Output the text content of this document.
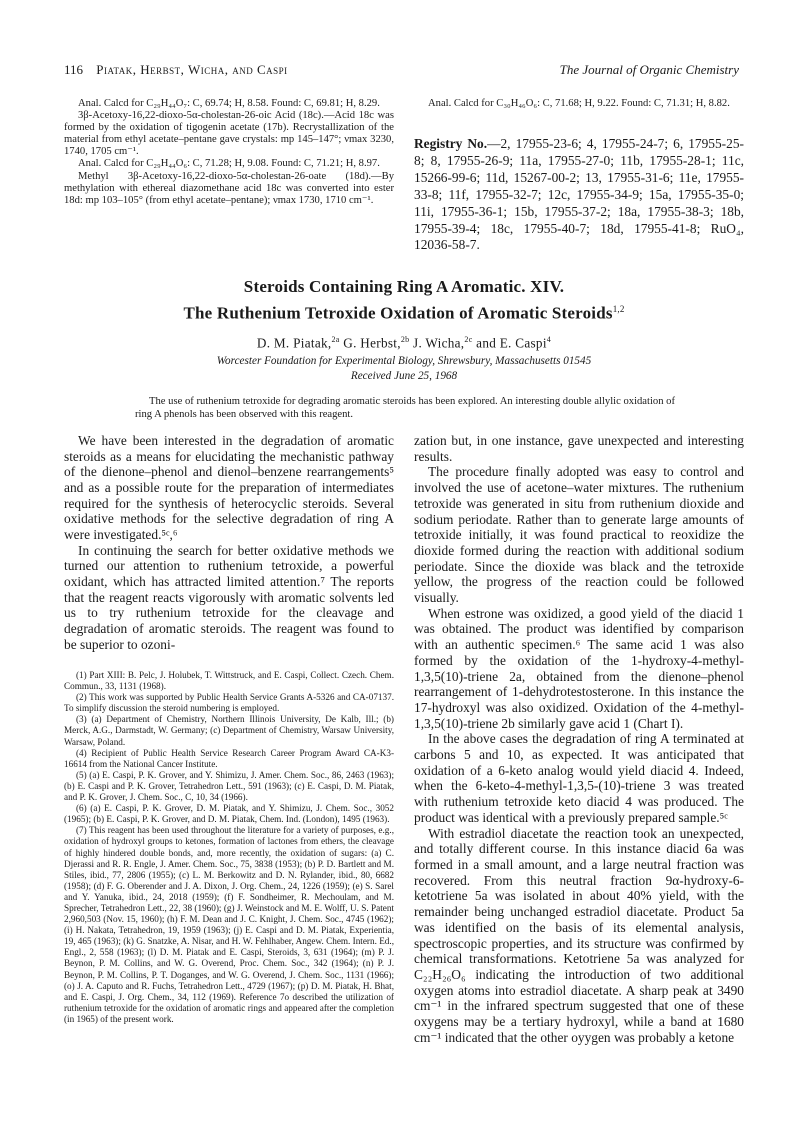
116 Piatak, Herbst, Wicha, and Caspi	The Journal of Organic Chemistry

Anal. Calcd for C₂₉H₄₄O₇: C, 69.74; H, 8.58. Found: C, 69.81; H, 8.29.

3β-Acetoxy-16,22-dioxo-5α-cholestan-26-oic Acid (18c).—Acid 18c was formed by the oxidation of tigogenin acetate (17b). Recrystallization of the material from ethyl acetate–pentane gave crystals: mp 145–147°; νmax 3230, 1740, 1705 cm⁻¹.

Anal. Calcd for C₂₉H₄₄O₆: C, 71.28; H, 9.08. Found: C, 71.21; H, 8.97.

Methyl 3β-Acetoxy-16,22-dioxo-5α-cholestan-26-oate (18d).—By methylation with ethereal diazomethane acid 18c was converted into ester 18d: mp 103–105° (from ethyl acetate–pentane); νmax 1730, 1710 cm⁻¹.

Anal. Calcd for C₃₀H₄₆O₆: C, 71.68; H, 9.22. Found: C, 71.31; H, 8.82.

Registry No.—2, 17955-23-6; 4, 17955-24-7; 6, 17955-25-8; 8, 17955-26-9; 11a, 17955-27-0; 11b, 17955-28-1; 11c, 15266-99-6; 11d, 15267-00-2; 13, 17955-31-6; 11e, 17955-33-8; 11f, 17955-32-7; 12c, 17955-34-9; 15a, 17955-35-0; 11i, 17955-36-1; 15b, 17955-37-2; 18a, 17955-38-3; 18b, 17955-39-4; 18c, 17955-40-7; 18d, 17955-41-8; RuO₄, 12036-58-7.
Steroids Containing Ring A Aromatic. XIV.
The Ruthenium Tetroxide Oxidation of Aromatic Steroids$^{1,2}$
D. M. Piatak,$^{2a}$ G. Herbst,$^{2b}$ J. Wicha,$^{2c}$ and E. Caspi$^4$
Worcester Foundation for Experimental Biology, Shrewsbury, Massachusetts 01545
Received June 25, 1968
The use of ruthenium tetroxide for degrading aromatic steroids has been explored. An interesting double allylic oxidation of ring A phenols has been observed with this reagent.

We have been interested in the degradation of aromatic steroids as a means for elucidating the mechanistic pathway of the dienone–phenol and dienol–benzene rearrangements⁵ and as a possible route for the preparation of intermediates required for the synthesis of heterocyclic steroids. Several oxidative methods for the selective degradation of ring A were investigated.⁵ᶜ,⁶

In continuing the search for better oxidative methods we turned our attention to ruthenium tetroxide, a powerful oxidant, which has attracted limited attention.⁷ The reports that the reagent reacts vigorously with aromatic solvents led us to try ruthenium tetroxide for the cleavage and degradation of aromatic steroids. The reagent was found to be superior to ozoni-

(1) Part XIII: B. Pelc, J. Holubek, T. Wittstruck, and E. Caspi, Collect. Czech. Chem. Commun., 33, 1131 (1968).

(2) This work was supported by Public Health Service Grants A-5326 and CA-07137. To simplify discussion the steroid numbering is employed.

(3) (a) Department of Chemistry, Northern Illinois University, De Kalb, Ill.; (b) Merck, A.G., Darmstadt, W. Germany; (c) Department of Chemistry, Warsaw University, Warsaw, Poland.

(4) Recipient of Public Health Service Research Career Program Award CA-K3-16614 from the National Cancer Institute.

(5) (a) E. Caspi, P. K. Grover, and Y. Shimizu, J. Amer. Chem. Soc., 86, 2463 (1963); (b) E. Caspi and P. K. Grover, Tetrahedron Lett., 591 (1963); (c) E. Caspi, D. M. Piatak, and P. K. Grover, J. Chem. Soc., C, 10, 34 (1966).

(6) (a) E. Caspi, P. K. Grover, D. M. Piatak, and Y. Shimizu, J. Chem. Soc., 3052 (1965); (b) E. Caspi, P. K. Grover, and D. M. Piatak, Chem. Ind. (London), 1495 (1963).

(7) This reagent has been used throughout the literature for a variety of purposes, e.g., oxidation of hydroxyl groups to ketones, formation of lactones from ethers, the cleavage of highly hindered double bonds, and, more recently, the oxidation of sugars: (a) C. Djerassi and R. R. Engle, J. Amer. Chem. Soc., 75, 3838 (1953); (b) P. D. Bartlett and M. Stiles, ibid., 77, 2806 (1955); (c) L. M. Berkowitz and D. N. Rylander, ibid., 80, 6682 (1958); (d) F. G. Oberender and J. A. Dixon, J. Org. Chem., 24, 1226 (1959); (e) S. Sarel and Y. Yanuka, ibid., 24, 2018 (1959); (f) F. Sondheimer, R. Mechoulam, and M. Sprecher, Tetrahedron Lett., 22, 38 (1960); (g) J. Weinstock and M. E. Wolff, U. S. Patent 2,960,503 (Nov. 15, 1960); (h) F. M. Dean and J. C. Knight, J. Chem. Soc., 4745 (1962); (i) H. Nakata, Tetrahedron, 19, 1959 (1963); (j) E. Caspi and D. M. Piatak, Experientia, 19, 465 (1963); (k) G. Snatzke, A. Nisar, and H. W. Fehlhaber, Angew. Chem. Intern. Ed., Engl., 2, 558 (1963); (l) D. M. Piatak and E. Caspi, Steroids, 3, 631 (1964); (m) P. J. Beynon, P. M. Collins, and W. G. Overend, Proc. Chem. Soc., 342 (1964); (n) P. J. Beynon, P. M. Collins, P. T. Doganges, and W. G. Overend, J. Chem. Soc., 1131 (1966); (o) J. A. Caputo and R. Fuchs, Tetrahedron Lett., 4729 (1967); (p) D. M. Piatak, H. Bhat, and E. Caspi, J. Org. Chem., 34, 112 (1969). Reference 7o described the utilization of ruthenium tetroxide for the oxidation of aromatic rings and appeared after the completion (in 1965) of the present work.

zation but, in one instance, gave unexpected and interesting results.

The procedure finally adopted was easy to control and involved the use of acetone–water mixtures. The ruthenium tetroxide was generated in situ from ruthenium dioxide and sodium periodate. Rather than to generate large amounts of tetroxide initially, it was found practical to reoxidize the dioxide formed during the reaction with additional sodium periodate. Since the dioxide was black and the tetroxide yellow, the progress of the reaction could be followed visually.

When estrone was oxidized, a good yield of the diacid 1 was obtained. The product was identified by comparison with an authentic specimen.⁶ The same acid 1 was also formed by the oxidation of the 1-hydroxy-4-methyl-1,3,5(10)-triene 2a, obtained from the dienone–phenol rearrangement of 1-dehydrotestosterone. In this instance the 17-hydroxyl was also oxidized. Oxidation of the 4-methyl-1,3,5(10)-triene 2b similarly gave acid 1 (Chart I).

In the above cases the degradation of ring A terminated at carbons 5 and 10, as expected. It was anticipated that oxidation of a 6-keto analog would yield diacid 4. Indeed, when the 6-keto-4-methyl-1,3,5-(10)-triene 3 was treated with ruthenium tetroxide keto diacid 4 was produced. The product was identical with a previously prepared sample.⁵ᶜ

With estradiol diacetate the reaction took an unexpected, and totally different course. In this instance diacid 6a was formed in a small amount, and a large neutral fraction was recovered. From this neutral fraction 9α-hydroxy-6-ketotriene 5a was isolated in about 40% yield, with the remainder being unchanged estradiol diacetate. Product 5a was identified on the basis of its elemental analysis, spectroscopic properties, and its structure was confirmed by chemical transformations. Ketotriene 5a was analyzed for C₂₂H₂₆O₆ indicating the introduction of two additional oxygen atoms into estradiol diacetate. A sharp peak at 3490 cm⁻¹ in the infrared spectrum suggested that one of these oxygens may be a tertiary hydroxyl, while a band at 1680 cm⁻¹ indicated that the other oyygen was probably a ketone
